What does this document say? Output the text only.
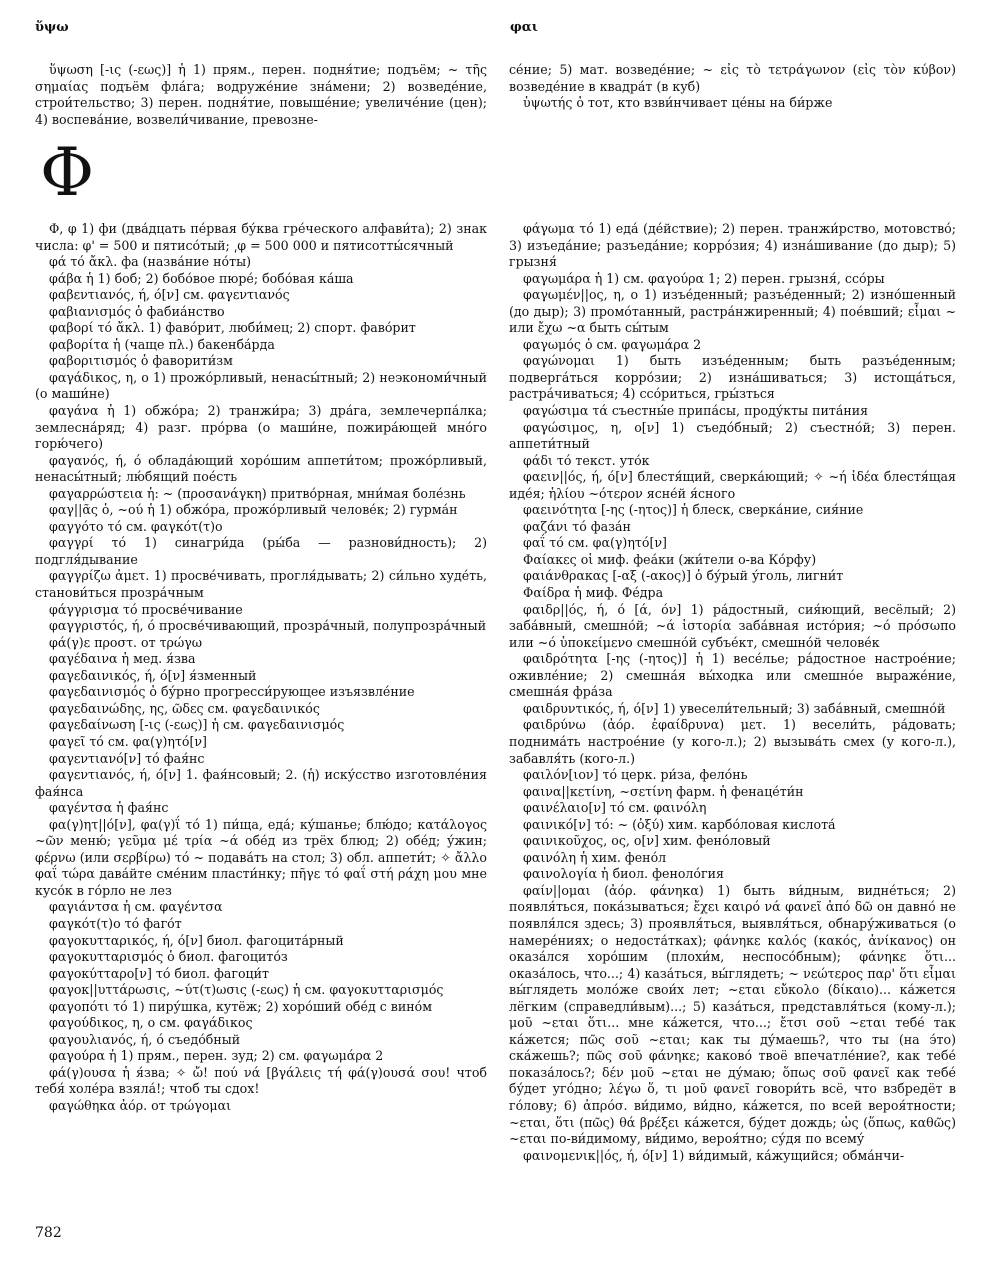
ὕψω	φαι

ὕψωση [-ις (-εως)] ἡ 1) прям., перен. подня́тие; подъём; ~ τῆς σημαίας подъём фла́га; водруже́ние зна́мени; 2) возведе́ние, строи́тельство; 3) перен. подня́тие, повыше́ние; увеличе́ние (цен); 4) воспева́ние, возвели́чивание, превозне-

се́ние; 5) мат. возведе́ние; ~ εἰς τὸ τετράγωνον (εἰς τὸν κύβον) возведе́ние в квадра́т (в куб)

ὑψωτής ὁ тот, кто взви́нчивает це́ны на би́рже

Φ

Φ, φ 1) фи (два́дцать пе́рвая бу́ква гре́ческого алфави́та); 2) знак числа: φ' = 500 и пятисо́тый; ͵φ = 500 000 и пятисотты́сячный

φά τό ἄκλ. фа (назва́ние но́ты)

φάβα ἡ 1) боб; 2) бобо́вое пюре́; бобо́вая ка́ша

φαβεντιανός, ή, ό[ν] см. φαγεντιανός

φαβιανισμός ὁ фабиа́нство

φαβορί τό ἄκλ. 1) фаво́рит, люби́мец; 2) спорт. фаво́рит

φαβορίτα ἡ (чаще πλ.) бакенба́рда

φαβοριτισμός ὁ фаворити́зм

φαγάδικος, η, ο 1) прожо́рливый, ненасы́тный; 2) неэкономи́чный (о маши́не)

φαγάνα ἡ 1) обжо́ра; 2) транжи́ра; 3) дра́га, землечерпа́лка; землесна́ряд; 4) разг. про́рва (о маши́не, пожира́ющей мно́го горю́чего)

φαγανός, ή, ό облада́ющий хоро́шим аппети́том; прожо́рливый, ненасы́тный; лю́бящий пое́сть

φαγαρρώστεια ἡ: ~ (προσανάγκη) притво́рная, мни́мая боле́знь

φαγ||ᾶς ὁ, ~ού ἡ 1) обжо́ра, прожо́рливый челове́к; 2) гурма́н

φαγγότο τό см. φαγκότ(τ)ο

φαγγρί τό 1) синагри́да (ры́ба — разнови́дность); 2) подгля́дывание

φαγγρίζω ἀμετ. 1) просве́чивать, прогля́дывать; 2) си́льно худе́ть, станови́ться прозра́чным

φάγγρισμα τό просве́чивание

φαγγριστός, ή, ό просве́чивающий, прозра́чный, полупрозра́чный

φά(γ)ε προστ. от τρώγω

φαγέδαινα ἡ мед. я́зва

φαγεδαινικός, ή, ό[ν] я́зменный

φαγεδαινισμός ὁ бу́рно прогресси́рующее изъязвле́ние

φαγεδαινώδης, ης, ῶδες см. φαγεδαινικός

φαγεδαίνωση [-ις (-εως)] ἡ см. φαγεδαινισμός

φαγεῖ τό см. φα(γ)ητό[ν]

φαγεντιανό[ν] τό фая́нс

φαγεντιανός, ή, ό[ν] 1. фая́нсовый; 2. (ἡ) иску́сство изготовле́ния фая́нса

φαγέντσα ἡ фая́нс

φα(γ)ητ||ό[ν], φα(γ)ΐ τό 1) пи́ща, еда́; ку́шанье; блю́до; κατάλογος ~ῶν меню́; γεῦμα μέ τρία ~ά обе́д из трёх блюд; 2) обе́д; у́жин; φέρνω (или σερβίρω) τό ~ подава́ть на стол; 3) обл. аппети́т; ✧ ἄλλο φαΐ τώρα дава́йте сме́ним пласти́нку; πῆγε τό φαΐ στή ράχη μου мне кусо́к в го́рло не лез

φαγιάντσα ἡ см. φαγέντσα

φαγκότ(τ)ο τό фаго́т

φαγοκυτταρικός, ή, ό[ν] биол. фагоцита́рный

φαγοκυτταρισμός ὁ биол. фагоцито́з

φαγοκύτταρο[ν] τό биол. фагоци́т

φαγοκ||υττάρωσις, ~ύτ(τ)ωσις (-εως) ἡ см. φαγοκυτταρισμός

φαγοπότι τό 1) пиру́шка, кутёж; 2) хоро́ший обе́д с вино́м

φαγούδικος, η, ο см. φαγάδικος

φαγουλιανός, ή, ό съедо́бный

φαγούρα ἡ 1) прям., перен. зуд; 2) см. φαγωμάρα 2

φά(γ)ουσα ἡ я́зва; ✧ ὤ! πού νά [βγάλεις τή φά(γ)ουσά σου! чтоб тебя́ холе́ра взяла́!; чтоб ты сдох!

φαγώθηκα ἀόρ. от τρώγομαι

φάγωμα τό 1) еда́ (де́йствие); 2) перен. транжи́рство, мотовство́; 3) изъеда́ние; разъеда́ние; корро́зия; 4) изна́шивание (до дыр); 5) грызня́

φαγωμάρα ἡ 1) см. φαγούρα 1; 2) перен. грызня́, ссо́ры

φαγωμέν||ος, η, ο 1) изъе́денный; разъе́денный; 2) изно́шенный (до дыр); 3) промо́танный, растра́нжиренный; 4) пое́вший; εἶμαι ~ или ἔχω ~α быть сы́тым

φαγωμός ὁ см. φαγωμάρα 2

φαγώνομαι 1) быть изъе́денным; быть разъе́денным; подверга́ться корро́зии; 2) изна́шиваться; 3) истоща́ться, растра́чиваться; 4) ссо́риться, гры́зться

φαγώσιμα τά съестны́е припа́сы, проду́кты пита́ния

φαγώσιμος, η, ο[ν] 1) съедо́бный; 2) съестно́й; 3) перен. аппети́тный

φάδι τό текст. уто́к

φαειν||ός, ή, ό[ν] блестя́щий, сверка́ющий; ✧ ~ή ἰδέα блестя́щая иде́я; ἡλίου ~ότερον ясне́й я́сного

φαεινότητα [-ης (-ητος)] ἡ блеск, сверка́ние, сия́ние

φαζάνι τό фаза́н

φαΐ τό см. φα(γ)ητό[ν]

Φαίακες οἱ миф. феа́ки (жи́тели о-ва Ко́рфу)

φαιάνθρακας [-αξ (-ακος)] ὁ бу́рый у́голь, лигни́т

Φαίδρα ἡ миф. Фе́дра

φαιδρ||ός, ή, ό [ά, όν] 1) ра́достный, сия́ющий, весёлый; 2) заба́вный, смешно́й; ~ά ἱστορία заба́вная исто́рия; ~ό πρόσωπο или ~ό ὑποκείμενο смешно́й субъе́кт, смешно́й челове́к

φαιδρότητα [-ης (-ητος)] ἡ 1) весе́лье; ра́достное настрое́ние; оживле́ние; 2) смешна́я вы́ходка или смешно́е выраже́ние, смешна́я фра́за

φαιδρυντικός, ή, ό[ν] 1) увесели́тельный; 3) заба́вный, смешно́й

φαιδρύνω (ἀόρ. ἐφαίδρυνα) μετ. 1) весели́ть, ра́довать; поднима́ть настрое́ние (у кого-л.); 2) вызыва́ть смех (у кого-л.), забавля́ть (кого-л.)

φαιλόν[ιον] τό церк. ри́за, фело́нь

φαινα||κετίνη, ~σετίνη фарм. ἡ фенаце́ти́н

φαινέλαιο[ν] τό см. φαινόλη

φαινικό[ν] τό: ~ (ὀξύ) хим. карбо́ловая кислота́

φαινικοῦχος, ος, ο[ν] хим. фено́ловый

φαινόλη ἡ хим. фено́л

φαινολογία ἡ биол. феноло́гия

φαίν||ομαι (ἀόρ. φάνηκα) 1) быть ви́дным, видне́ться; 2) появля́ться, пока́зываться; ἔχει καιρό νά φανεῖ ἀπό δῶ он давно́ не появля́лся здесь; 3) проявля́ться, выявля́ться, обнару́живаться (о намере́ниях; о недоста́тках); φάνηκε καλός (κακός, ἀνίκανος) он оказа́лся хоро́шим (плохи́м, неспосо́бным); φάνηκε ὅτι... оказа́лось, что...; 4) каза́ться, вы́глядеть; ~ νεώτερος παρ' ὅτι εἶμαι вы́глядеть моло́же свои́х лет; ~εται εὔκολο (δίκαιο)... ка́жется лёгким (справедли́вым)...; 5) каза́ться, представля́ться (кому-л.); μοῦ ~εται ὅτι... мне ка́жется, что...; ἔτσι σοῦ ~εται тебе́ так ка́жется; πῶς σοῦ ~εται; как ты ду́маешь?, что ты (на э́то) ска́жешь?; πῶς σοῦ φάνηκε; каково́ твоё впечатле́ние?, как тебе́ показа́лось?; δέν μοῦ ~εται не ду́маю; ὅπως σοῦ φανεῖ как тебе́ бу́дет уго́дно; λέγω ὅ, τι μοῦ φανεῖ говори́ть всё, что взбредёт в го́лову; 6) ἀπρόσ. ви́димо, ви́дно, ка́жется, по всей вероя́тности; ~εται, ὅτι (πῶς) θά βρέξει ка́жется, бу́дет дождь; ὡς (ὅπως, καθῶς) ~εται по-ви́димому, ви́димо, вероя́тно; су́дя по всему́

φαινομενικ||ός, ή, ό[ν] 1) ви́димый, ка́жущийся; обма́нчи-

782
